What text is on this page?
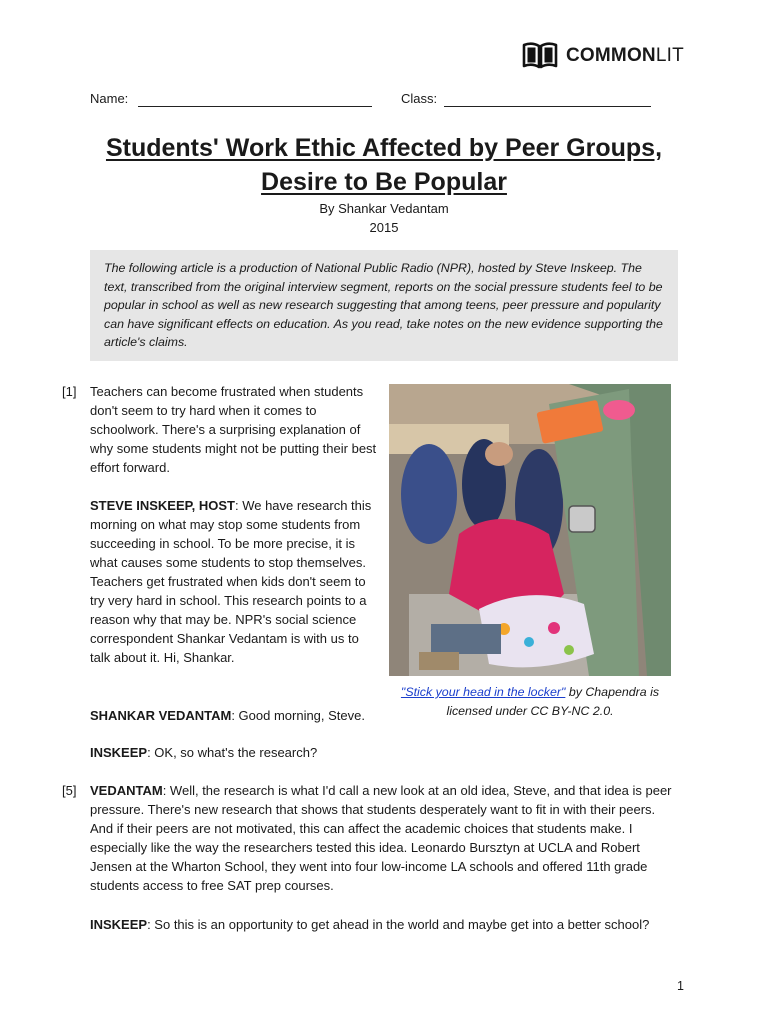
COMMONLIT
Name:	Class:
Students' Work Ethic Affected by Peer Groups,
Desire to Be Popular
By Shankar Vedantam
2015
The following article is a production of National Public Radio (NPR), hosted by Steve Inskeep. The text, transcribed from the original interview segment, reports on the social pressure students feel to be popular in school as well as new research suggesting that among teens, peer pressure and popularity can have significant effects on education. As you read, take notes on the new evidence supporting the article's claims.
[1] Teachers can become frustrated when students don't seem to try hard when it comes to schoolwork. There's a surprising explanation of why some students might not be putting their best effort forward.

STEVE INSKEEP, HOST: We have research this morning on what may stop some students from succeeding in school. To be more precise, it is what causes some students to stop themselves. Teachers get frustrated when kids don't seem to try very hard in school. This research points to a reason why that may be. NPR's social science correspondent Shankar Vedantam is with us to talk about it. Hi, Shankar.

SHANKAR VEDANTAM: Good morning, Steve.

INSKEEP: OK, so what's the research?

"Stick your head in the locker" by Chapendra is licensed under CC BY-NC 2.0.
[5] VEDANTAM: Well, the research is what I'd call a new look at an old idea, Steve, and that idea is peer pressure. There's new research that shows that students desperately want to fit in with their peers. And if their peers are not motivated, this can affect the academic choices that students make. I especially like the way the researchers tested this idea. Leonardo Bursztyn at UCLA and Robert Jensen at the Wharton School, they went into four low-income LA schools and offered 11th grade students access to free SAT prep courses.

INSKEEP: So this is an opportunity to get ahead in the world and maybe get into a better school?

1
